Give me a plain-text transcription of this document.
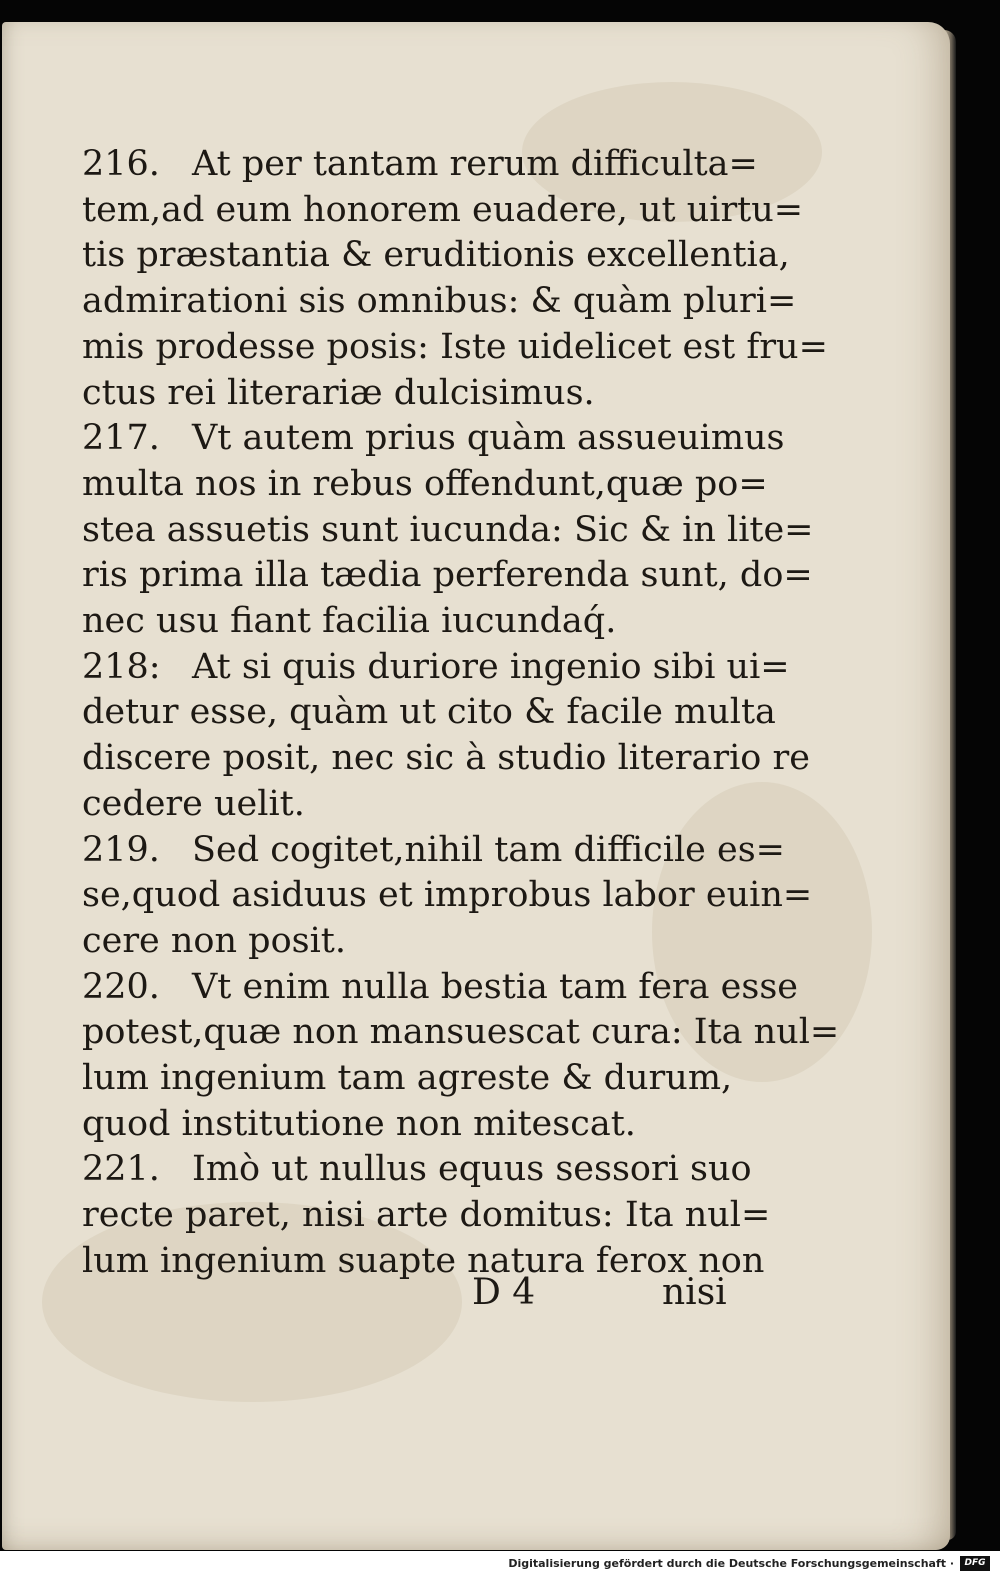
216. At per tantam rerum difficulta=
tem,ad eum honorem euadere, ut uirtu=
tis præstantia & eruditionis excellentia,
admirationi sis omnibus: & quàm pluri=
mis prodesse posis: Iste uidelicet est fru=
ctus rei literariæ dulcisimus.
217. Vt autem prius quàm assueuimus
multa nos in rebus offendunt,quæ po=
stea assuetis sunt iucunda: Sic & in lite=
ris prima illa tædia perferenda sunt, do=
nec usu fiant facilia iucundaq́.
218: At si quis duriore ingenio sibi ui=
detur esse, quàm ut cito & facile multa
discere posit, nec sic à studio literario re
cedere uelit.
219. Sed cogitet,nihil tam difficile es=
se,quod asiduus et improbus labor euin=
cere non posit.
220. Vt enim nulla bestia tam fera esse
potest,quæ non mansuescat cura: Ita nul=
lum ingenium tam agreste & durum,
quod institutione non mitescat.
221. Imò ut nullus equus sessori suo
recte paret, nisi arte domitus: Ita nul=
lum ingenium suapte natura ferox non
D 4	nisi
Digitalisierung gefördert durch die Deutsche Forschungsgemeinschaft ·	DFG
